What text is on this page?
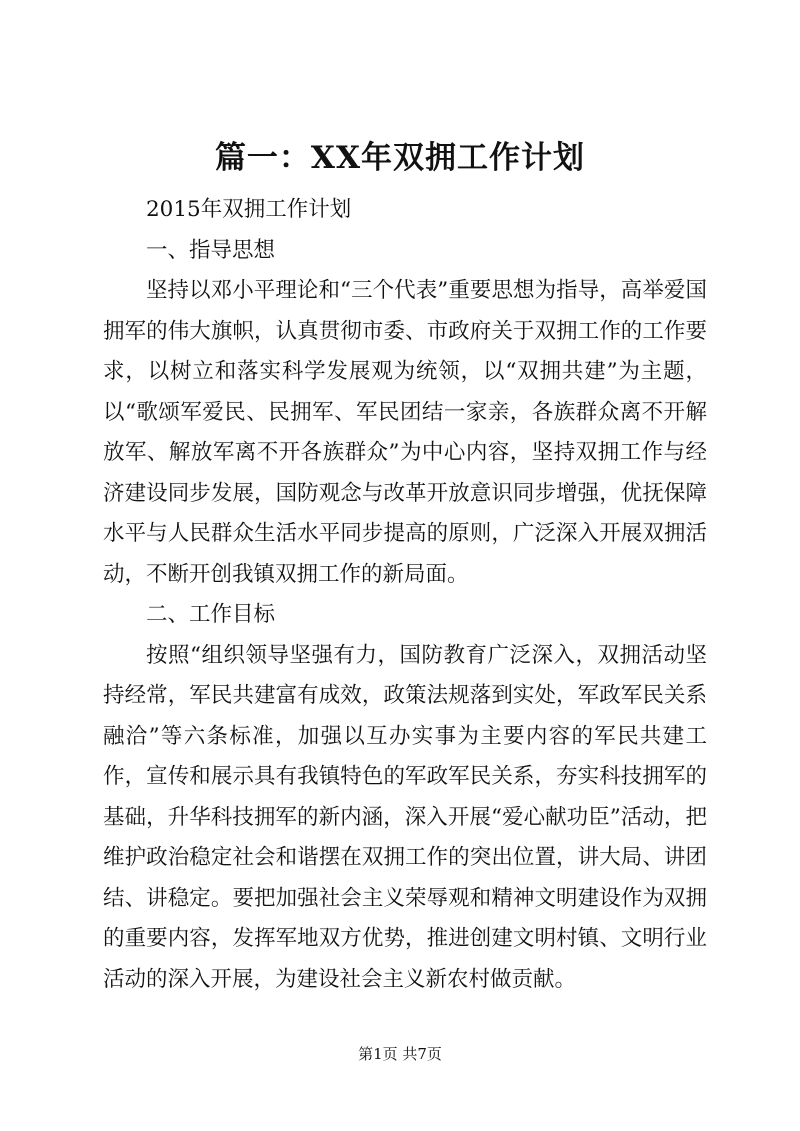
篇一：XX年双拥工作计划

2015年双拥工作计划

一、指导思想

坚持以邓小平理论和“三个代表”重要思想为指导，高举爱国拥军的伟大旗帜，认真贯彻市委、市政府关于双拥工作的工作要求，以树立和落实科学发展观为统领，以“双拥共建”为主题，以“歌颂军爱民、民拥军、军民团结一家亲，各族群众离不开解放军、解放军离不开各族群众”为中心内容，坚持双拥工作与经济建设同步发展，国防观念与改革开放意识同步增强，优抚保障水平与人民群众生活水平同步提高的原则，广泛深入开展双拥活动，不断开创我镇双拥工作的新局面。

二、工作目标

按照“组织领导坚强有力，国防教育广泛深入，双拥活动坚持经常，军民共建富有成效，政策法规落到实处，军政军民关系融洽”等六条标准，加强以互办实事为主要内容的军民共建工作，宣传和展示具有我镇特色的军政军民关系，夯实科技拥军的基础，升华科技拥军的新内涵，深入开展“爱心献功臣”活动，把维护政治稳定社会和谐摆在双拥工作的突出位置，讲大局、讲团结、讲稳定。要把加强社会主义荣辱观和精神文明建设作为双拥的重要内容，发挥军地双方优势，推进创建文明村镇、文明行业活动的深入开展，为建设社会主义新农村做贡献。

第1页 共7页
